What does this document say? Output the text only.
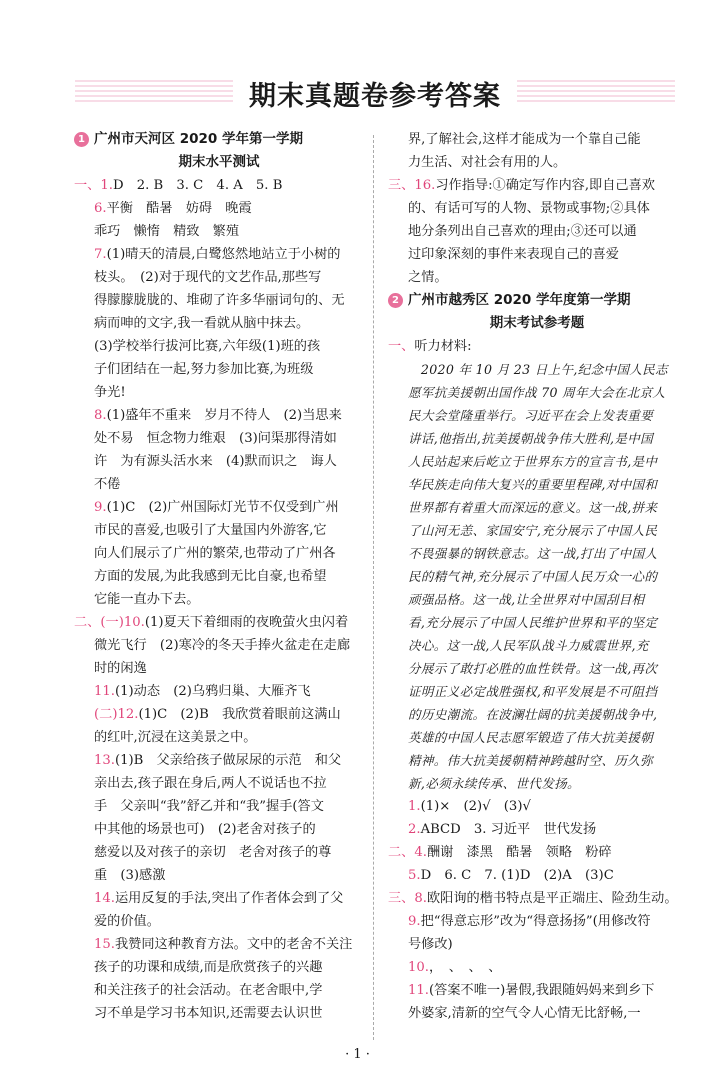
期末真题卷参考答案
1 广州市天河区 2020 学年第一学期
期末水平测试
一、1.D　2. B　3. C　4. A　5. B
6.平衡　酷暑　妨碍　晚霞
乖巧　懒惰　精致　繁殖
7.(1)晴天的清晨,白鹭悠然地站立于小树的
枝头。　(2)对于现代的文艺作品,那些写
得朦朦胧胧的、堆砌了许多华丽词句的、无
病而呻的文字,我一看就从脑中抹去。
(3)学校举行拔河比赛,六年级(1)班的孩
子们团结在一起,努力参加比赛,为班级
争光!
8.(1)盛年不重来　岁月不待人　(2)当思来
处不易　恒念物力维艰　(3)问渠那得清如
许　为有源头活水来　(4)默而识之　诲人
不倦
9.(1)C　(2)广州国际灯光节不仅受到广州
市民的喜爱,也吸引了大量国内外游客,它
向人们展示了广州的繁荣,也带动了广州各
方面的发展,为此我感到无比自豪,也希望
它能一直办下去。
二、(一)10.(1)夏天下着细雨的夜晚萤火虫闪着
微光飞行　(2)寒冷的冬天手捧火盆走在走廊
时的闲逸
11.(1)动态　(2)乌鸦归巢、大雁齐飞
(二)12.(1)C　(2)B　我欣赏着眼前这满山
的红叶,沉浸在这美景之中。
13.(1)B　父亲给孩子做尿尿的示范　和父
亲出去,孩子跟在身后,两人不说话也不拉
手　父亲叫“我”舒乙并和“我”握手(答文
中其他的场景也可)　(2)老舍对孩子的
慈爱以及对孩子的亲切　老舍对孩子的尊
重　(3)感激
14.运用反复的手法,突出了作者体会到了父
爱的价值。
15.我赞同这种教育方法。文中的老舍不关注
孩子的功课和成绩,而是欣赏孩子的兴趣
和关注孩子的社会活动。在老舍眼中,学
习不单是学习书本知识,还需要去认识世
界,了解社会,这样才能成为一个靠自己能
力生活、对社会有用的人。
三、16.习作指导:①确定写作内容,即自己喜欢
的、有话可写的人物、景物或事物;②具体
地分条列出自己喜欢的理由;③还可以通
过印象深刻的事件来表现自己的喜爱
之情。
2 广州市越秀区 2020 学年度第一学期
期末考试参考题
一、听力材料:
　2020 年 10 月 23 日上午,纪念中国人民志
愿军抗美援朝出国作战 70 周年大会在北京人
民大会堂隆重举行。习近平在会上发表重要
讲话,他指出,抗美援朝战争伟大胜利,是中国
人民站起来后屹立于世界东方的宣言书,是中
华民族走向伟大复兴的重要里程碑,对中国和
世界都有着重大而深远的意义。这一战,拼来
了山河无恙、家国安宁,充分展示了中国人民
不畏强暴的钢铁意志。这一战,打出了中国人
民的精气神,充分展示了中国人民万众一心的
顽强品格。这一战,让全世界对中国刮目相
看,充分展示了中国人民维护世界和平的坚定
决心。这一战,人民军队战斗力威震世界,充
分展示了敢打必胜的血性铁骨。这一战,再次
证明正义必定战胜强权,和平发展是不可阻挡
的历史潮流。在波澜壮阔的抗美援朝战争中,
英雄的中国人民志愿军锻造了伟大抗美援朝
精神。伟大抗美援朝精神跨越时空、历久弥
新,必须永续传承、世代发扬。
1.(1)×　(2)√　(3)√
2.ABCD　3. 习近平　世代发扬
二、4.酬谢　漆黑　酷暑　领略　粉碎
5.D　6. C　7. (1)D　(2)A　(3)C
三、8.欧阳询的楷书特点是平正端庄、险劲生动。
9.把“得意忘形”改为“得意扬扬”(用修改符
号修改)
10.，　、　、　、
11.(答案不唯一)暑假,我跟随妈妈来到乡下
外婆家,清新的空气令人心情无比舒畅,一
· 1 ·
